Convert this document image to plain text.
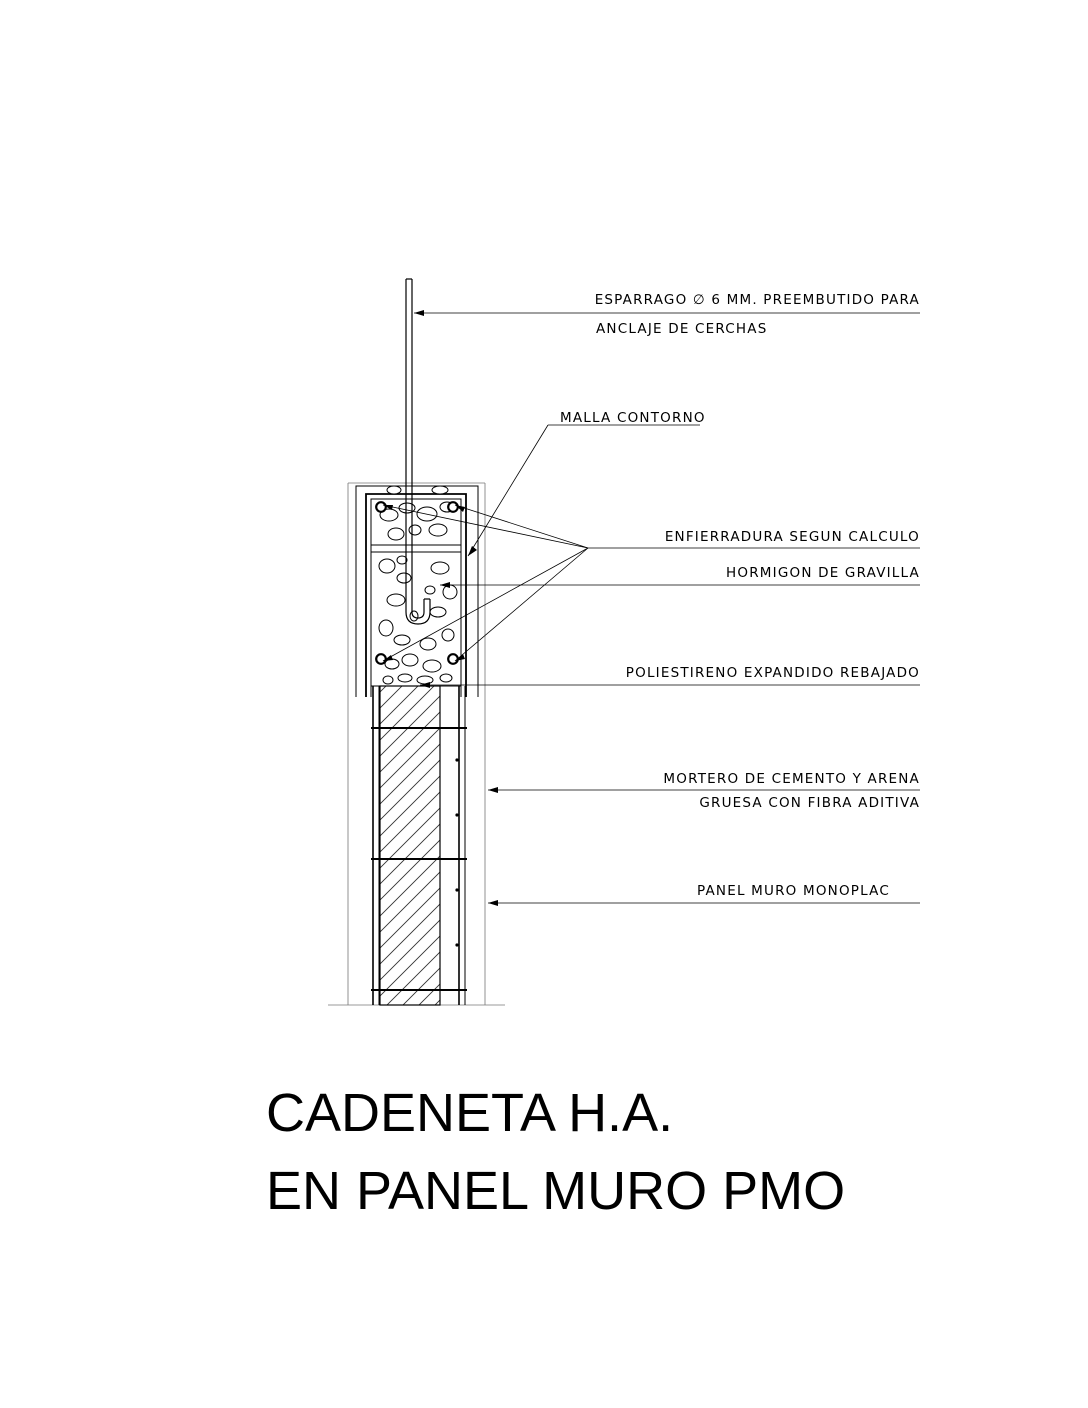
ESPARRAGO ∅ 6 MM. PREEMBUTIDO PARA
ANCLAJE DE CERCHAS
MALLA CONTORNO
ENFIERRADURA SEGUN CALCULO
HORMIGON DE GRAVILLA
POLIESTIRENO EXPANDIDO REBAJADO
MORTERO DE CEMENTO Y ARENA
GRUESA CON FIBRA ADITIVA
PANEL MURO MONOPLAC
CADENETA H.A.
EN PANEL MURO PMO
